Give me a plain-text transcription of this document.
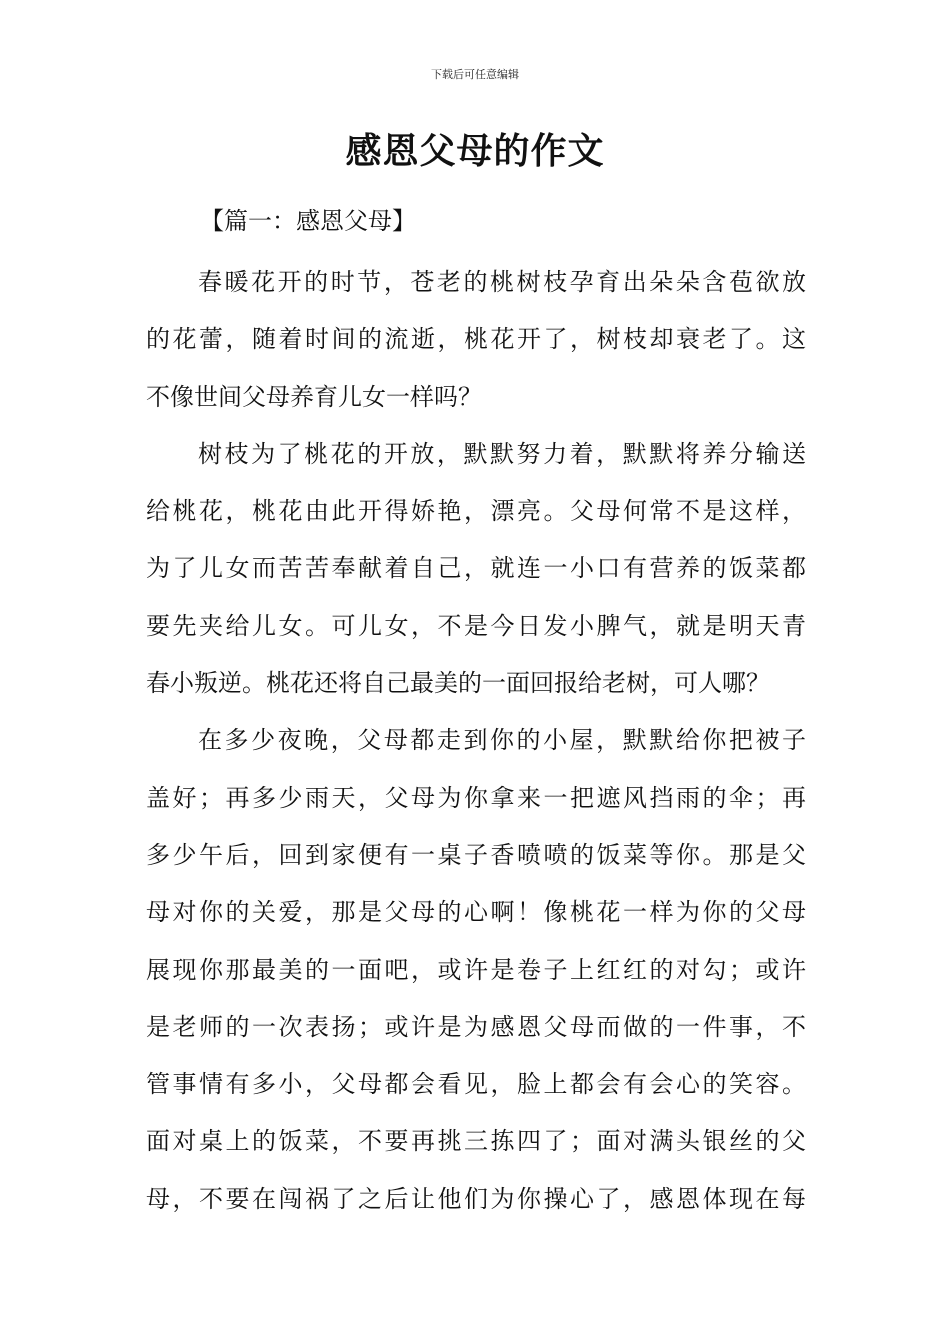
下载后可任意编辑
感恩父母的作文
【篇一：感恩父母】
春暖花开的时节，苍老的桃树枝孕育出朵朵含苞欲放
的花蕾，随着时间的流逝，桃花开了，树枝却衰老了。这
不像世间父母养育儿女一样吗？
树枝为了桃花的开放，默默努力着，默默将养分输送
给桃花，桃花由此开得娇艳，漂亮。父母何常不是这样，
为了儿女而苦苦奉献着自己，就连一小口有营养的饭菜都
要先夹给儿女。可儿女，不是今日发小脾气，就是明天青
春小叛逆。桃花还将自己最美的一面回报给老树，可人哪？
在多少夜晚，父母都走到你的小屋，默默给你把被子
盖好；再多少雨天，父母为你拿来一把遮风挡雨的伞；再
多少午后，回到家便有一桌子香喷喷的饭菜等你。那是父
母对你的关爱，那是父母的心啊！像桃花一样为你的父母
展现你那最美的一面吧，或许是卷子上红红的对勾；或许
是老师的一次表扬；或许是为感恩父母而做的一件事，不
管事情有多小，父母都会看见，脸上都会有会心的笑容。
面对桌上的饭菜，不要再挑三拣四了；面对满头银丝的父
母，不要在闯祸了之后让他们为你操心了，感恩体现在每
